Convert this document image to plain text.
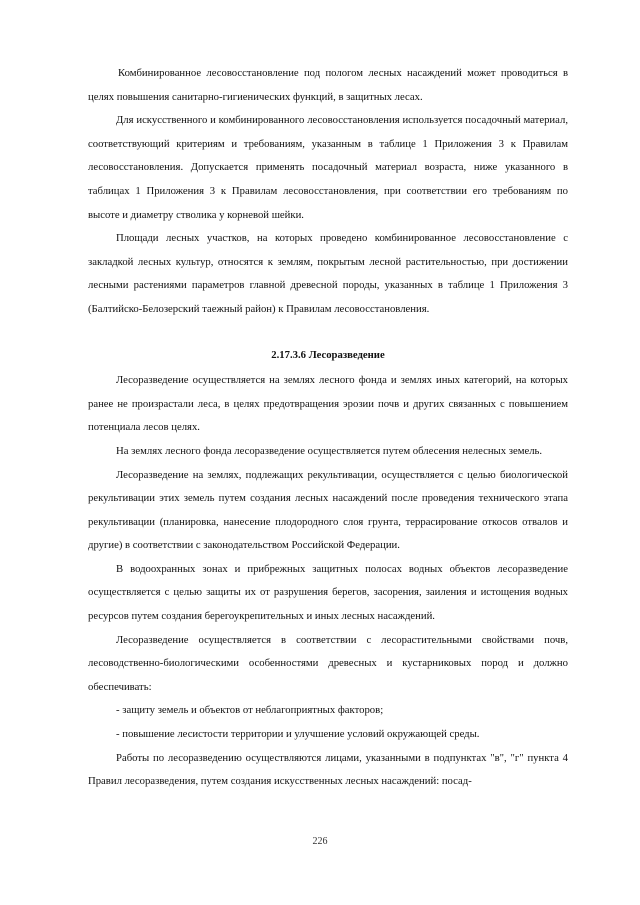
Комбинированное лесовосстановление под пологом лесных насаждений может проводиться в целях повышения санитарно-гигиенических функций, в защитных лесах.

Для искусственного и комбинированного лесовосстановления используется посадочный материал, соответствующий критериям и требованиям, указанным в таблице 1 Приложения 3 к Правилам лесовосстановления. Допускается применять посадочный материал возраста, ниже указанного в таблицах 1 Приложения 3 к Правилам лесовосстановления, при соответствии его требованиям по высоте и диаметру стволика у корневой шейки.

Площади лесных участков, на которых проведено комбинированное лесовосстановление с закладкой лесных культур, относятся к землям, покрытым лесной растительностью, при достижении лесными растениями параметров главной древесной породы, указанных в таблице 1 Приложения 3 (Балтийско-Белозерский таежный район) к Правилам лесовосстановления.

2.17.3.6 Лесоразведение

Лесоразведение осуществляется на землях лесного фонда и землях иных категорий, на которых ранее не произрастали леса, в целях предотвращения эрозии почв и других связанных с повышением потенциала лесов целях.

На землях лесного фонда лесоразведение осуществляется путем облесения нелесных земель.

Лесоразведение на землях, подлежащих рекультивации, осуществляется с целью биологической рекультивации этих земель путем создания лесных насаждений после проведения технического этапа рекультивации (планировка, нанесение плодородного слоя грунта, террасирование откосов отвалов и другие) в соответствии с законодательством Российской Федерации.

В водоохранных зонах и прибрежных защитных полосах водных объектов лесоразведение осуществляется с целью защиты их от разрушения берегов, засорения, заиления и истощения водных ресурсов путем создания берегоукрепительных и иных лесных насаждений.

Лесоразведение осуществляется в соответствии с лесорастительными свойствами почв, лесоводственно-биологическими особенностями древесных и кустарниковых пород и должно обеспечивать:

- защиту земель и объектов от неблагоприятных факторов;

- повышение лесистости территории и улучшение условий окружающей среды.

Работы по лесоразведению осуществляются лицами, указанными в подпунктах "в", "г" пункта 4 Правил лесоразведения, путем создания искусственных лесных насаждений: посад-

226
